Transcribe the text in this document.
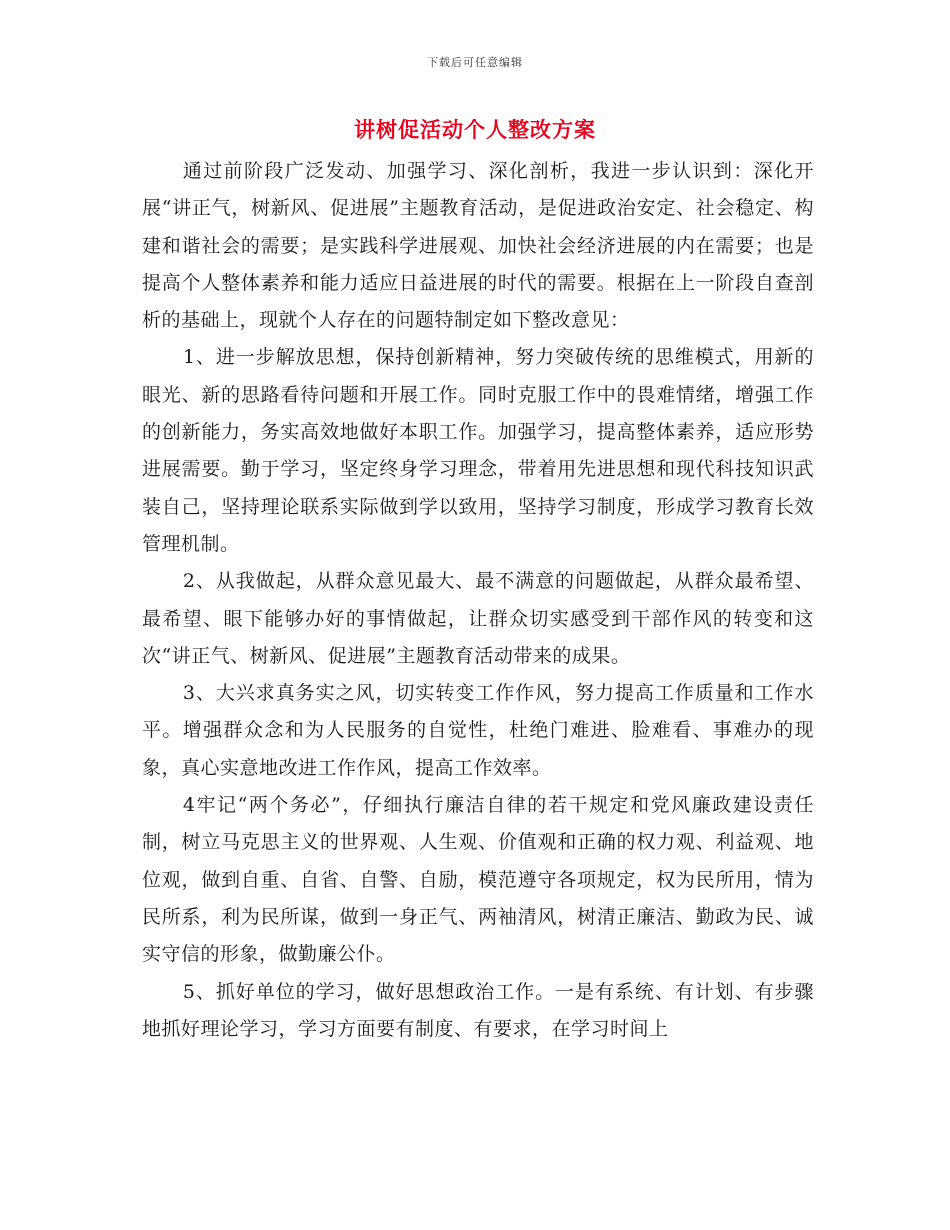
下载后可任意编辑
讲树促活动个人整改方案

通过前阶段广泛发动、加强学习、深化剖析，我进一步认识到：深化开展“讲正气，树新风、促进展”主题教育活动，是促进政治安定、社会稳定、构建和谐社会的需要；是实践科学进展观、加快社会经济进展的内在需要；也是提高个人整体素养和能力适应日益进展的时代的需要。根据在上一阶段自查剖析的基础上，现就个人存在的问题特制定如下整改意见：

1、进一步解放思想，保持创新精神，努力突破传统的思维模式，用新的眼光、新的思路看待问题和开展工作。同时克服工作中的畏难情绪，增强工作的创新能力，务实高效地做好本职工作。加强学习，提高整体素养，适应形势进展需要。勤于学习，坚定终身学习理念，带着用先进思想和现代科技知识武装自己，坚持理论联系实际做到学以致用，坚持学习制度，形成学习教育长效管理机制。

2、从我做起，从群众意见最大、最不满意的问题做起，从群众最希望、最希望、眼下能够办好的事情做起，让群众切实感受到干部作风的转变和这次“讲正气、树新风、促进展”主题教育活动带来的成果。

3、大兴求真务实之风，切实转变工作作风，努力提高工作质量和工作水平。增强群众念和为人民服务的自觉性，杜绝门难进、脸难看、事难办的现象，真心实意地改进工作作风，提高工作效率。

4牢记“两个务必”，仔细执行廉洁自律的若干规定和党风廉政建设责任制，树立马克思主义的世界观、人生观、价值观和正确的权力观、利益观、地位观，做到自重、自省、自警、自励，模范遵守各项规定，权为民所用，情为民所系，利为民所谋，做到一身正气、两袖清风，树清正廉洁、勤政为民、诚实守信的形象，做勤廉公仆。

5、抓好单位的学习，做好思想政治工作。一是有系统、有计划、有步骤地抓好理论学习，学习方面要有制度、有要求，在学习时间上
